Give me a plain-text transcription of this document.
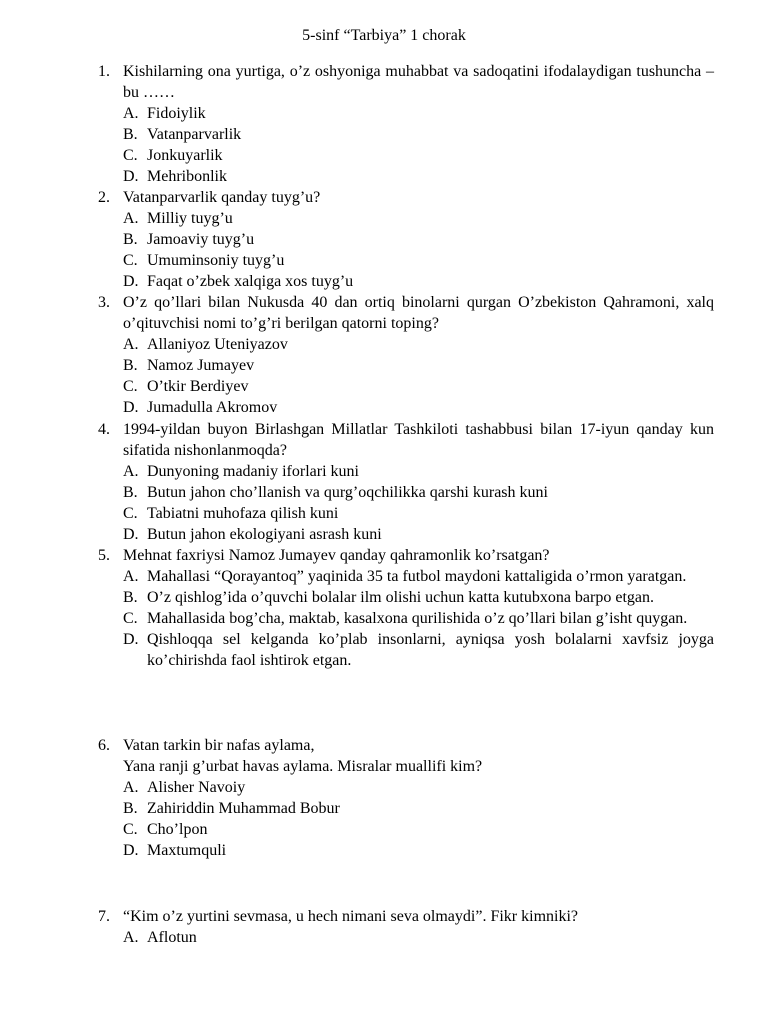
5-sinf “Tarbiya” 1 chorak
1. Kishilarning ona yurtiga, o’z oshyoniga muhabbat va sadoqatini ifodalaydigan tushuncha – bu ……
A. Fidoiylik
B. Vatanparvarlik
C. Jonkuyarlik
D. Mehribonlik
2. Vatanparvarlik qanday tuyg’u?
A. Milliy tuyg’u
B. Jamoaviy tuyg’u
C. Umuminsoniy tuyg’u
D. Faqat o’zbek xalqiga xos tuyg’u
3. O’z qo’llari bilan Nukusda 40 dan ortiq binolarni qurgan O’zbekiston Qahramoni, xalq o’qituvchisi nomi to’g’ri berilgan qatorni toping?
A. Allaniyoz Uteniyazov
B. Namoz Jumayev
C. O’tkir Berdiyev
D. Jumadulla Akromov
4. 1994-yildan buyon Birlashgan Millatlar Tashkiloti tashabbusi bilan 17-iyun qanday kun sifatida nishonlanmoqda?
A. Dunyoning madaniy iforlari kuni
B. Butun jahon cho’llanish va qurg’oqchilikka qarshi kurash kuni
C. Tabiatni muhofaza qilish kuni
D. Butun jahon ekologiyani asrash kuni
5. Mehnat faxriysi Namoz Jumayev qanday qahramonlik ko’rsatgan?
A. Mahallasi “Qorayantoq” yaqinida 35 ta futbol maydoni kattaligida o’rmon yaratgan.
B. O’z qishlog’ida o’quvchi bolalar ilm olishi uchun katta kutubxona barpo etgan.
C. Mahallasida bog’cha, maktab, kasalxona qurilishida o’z qo’llari bilan g’isht quygan.
D. Qishloqqa sel kelganda ko’plab insonlarni, ayniqsa yosh bolalarni xavfsiz joyga ko’chirishda faol ishtirok etgan.
6. Vatan tarkin bir nafas aylama,
Yana ranji g’urbat havas aylama. Misralar muallifi kim?
A. Alisher Navoiy
B. Zahiriddin Muhammad Bobur
C. Cho’lpon
D. Maxtumquli
7. “Kim o’z yurtini sevmasa, u hech nimani seva olmaydi”. Fikr kimniki?
A. Aflotun
